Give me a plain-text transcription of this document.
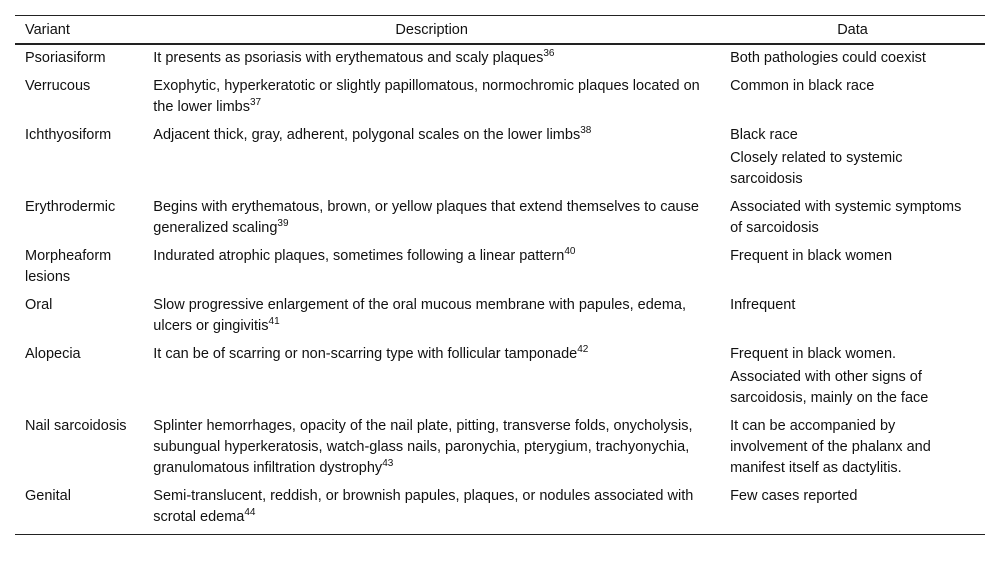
Variant	Description	Data
Psoriasiform	It presents as psoriasis with erythematous and scaly plaques$^{36}$	Both pathologies could coexist

Verrucous	Exophytic, hyperkeratotic or slightly papillomatous, normochromic plaques located on the lower limbs$^{37}$	Common in black race

Ichthyosiform	Adjacent thick, gray, adherent, polygonal scales on the lower limbs$^{38}$	Black race
Closely related to systemic sarcoidosis

Erythrodermic	Begins with erythematous, brown, or yellow plaques that extend themselves to cause generalized scaling$^{39}$	Associated with systemic symptoms of sarcoidosis

Morpheaform lesions	Indurated atrophic plaques, sometimes following a linear pattern$^{40}$	Frequent in black women

Oral	Slow progressive enlargement of the oral mucous membrane with papules, edema, ulcers or gingivitis$^{41}$	Infrequent

Alopecia	It can be of scarring or non-scarring type with follicular tamponade$^{42}$	Frequent in black women.
Associated with other signs of sarcoidosis, mainly on the face

Nail sarcoidosis	Splinter hemorrhages, opacity of the nail plate, pitting, transverse folds, onycholysis, subungual hyperkeratosis, watch-glass nails, paronychia, pterygium, trachyonychia, granulomatous infiltration dystrophy$^{43}$	It can be accompanied by involvement of the phalanx and manifest itself as dactylitis.

Genital	Semi-translucent, reddish, or brownish papules, plaques, or nodules associated with scrotal edema$^{44}$	Few cases reported
